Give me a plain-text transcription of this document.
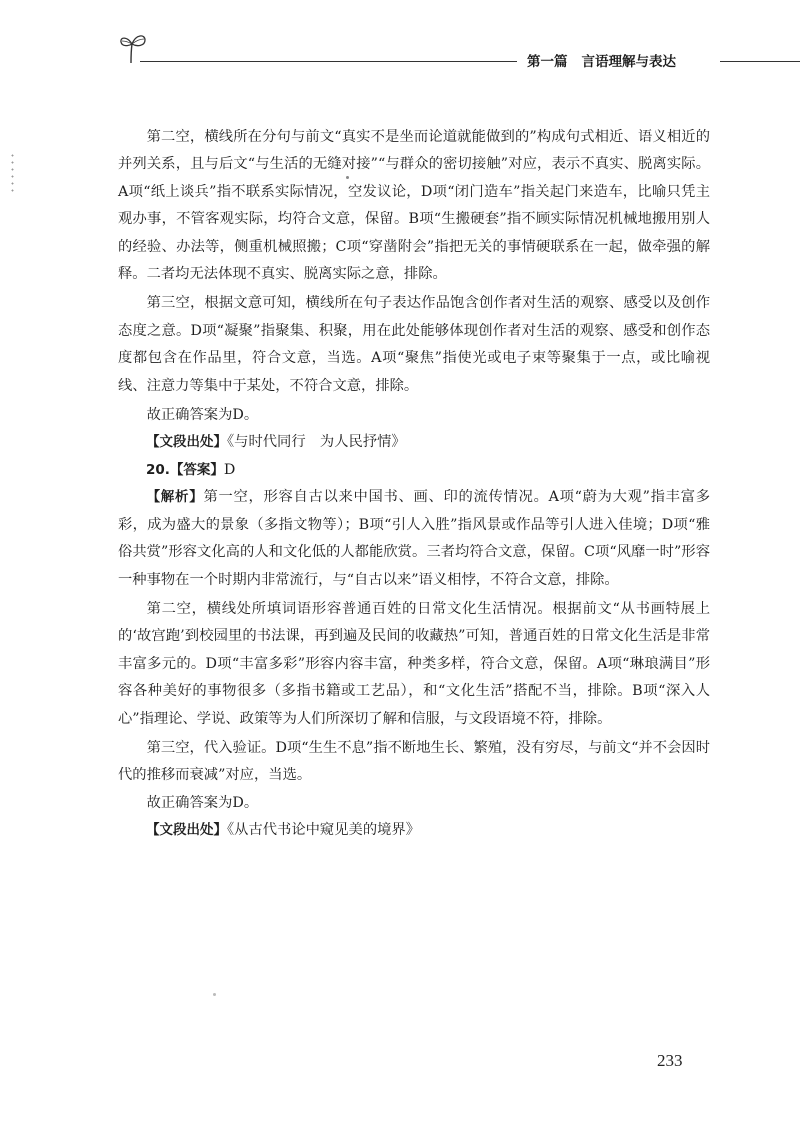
第一篇 言语理解与表达

第二空，横线所在分句与前文“真实不是坐而论道就能做到的”构成句式相近、语义相近的并列关系，且与后文“与生活的无缝对接”“与群众的密切接触”对应，表示不真实、脱离实际。A项“纸上谈兵”指不联系实际情况，空发议论，D项“闭门造车”指关起门来造车，比喻只凭主观办事，不管客观实际，均符合文意，保留。B项“生搬硬套”指不顾实际情况机械地搬用别人的经验、办法等，侧重机械照搬；C项“穿凿附会”指把无关的事情硬联系在一起，做牵强的解释。二者均无法体现不真实、脱离实际之意，排除。

第三空，根据文意可知，横线所在句子表达作品饱含创作者对生活的观察、感受以及创作态度之意。D项“凝聚”指聚集、积聚，用在此处能够体现创作者对生活的观察、感受和创作态度都包含在作品里，符合文意，当选。A项“聚焦”指使光或电子束等聚集于一点，或比喻视线、注意力等集中于某处，不符合文意，排除。

故正确答案为D。

【文段出处】《与时代同行　为人民抒情》

20.【答案】D

【解析】第一空，形容自古以来中国书、画、印的流传情况。A项“蔚为大观”指丰富多彩，成为盛大的景象（多指文物等）；B项“引人入胜”指风景或作品等引人进入佳境；D项“雅俗共赏”形容文化高的人和文化低的人都能欣赏。三者均符合文意，保留。C项“风靡一时”形容一种事物在一个时期内非常流行，与“自古以来”语义相悖，不符合文意，排除。

第二空，横线处所填词语形容普通百姓的日常文化生活情况。根据前文“从书画特展上的‘故宫跑’到校园里的书法课，再到遍及民间的收藏热”可知，普通百姓的日常文化生活是非常丰富多元的。D项“丰富多彩”形容内容丰富，种类多样，符合文意，保留。A项“琳琅满目”形容各种美好的事物很多（多指书籍或工艺品），和“文化生活”搭配不当，排除。B项“深入人心”指理论、学说、政策等为人们所深切了解和信服，与文段语境不符，排除。

第三空，代入验证。D项“生生不息”指不断地生长、繁殖，没有穷尽，与前文“并不会因时代的推移而衰减”对应，当选。

故正确答案为D。

【文段出处】《从古代书论中窥见美的境界》

233
